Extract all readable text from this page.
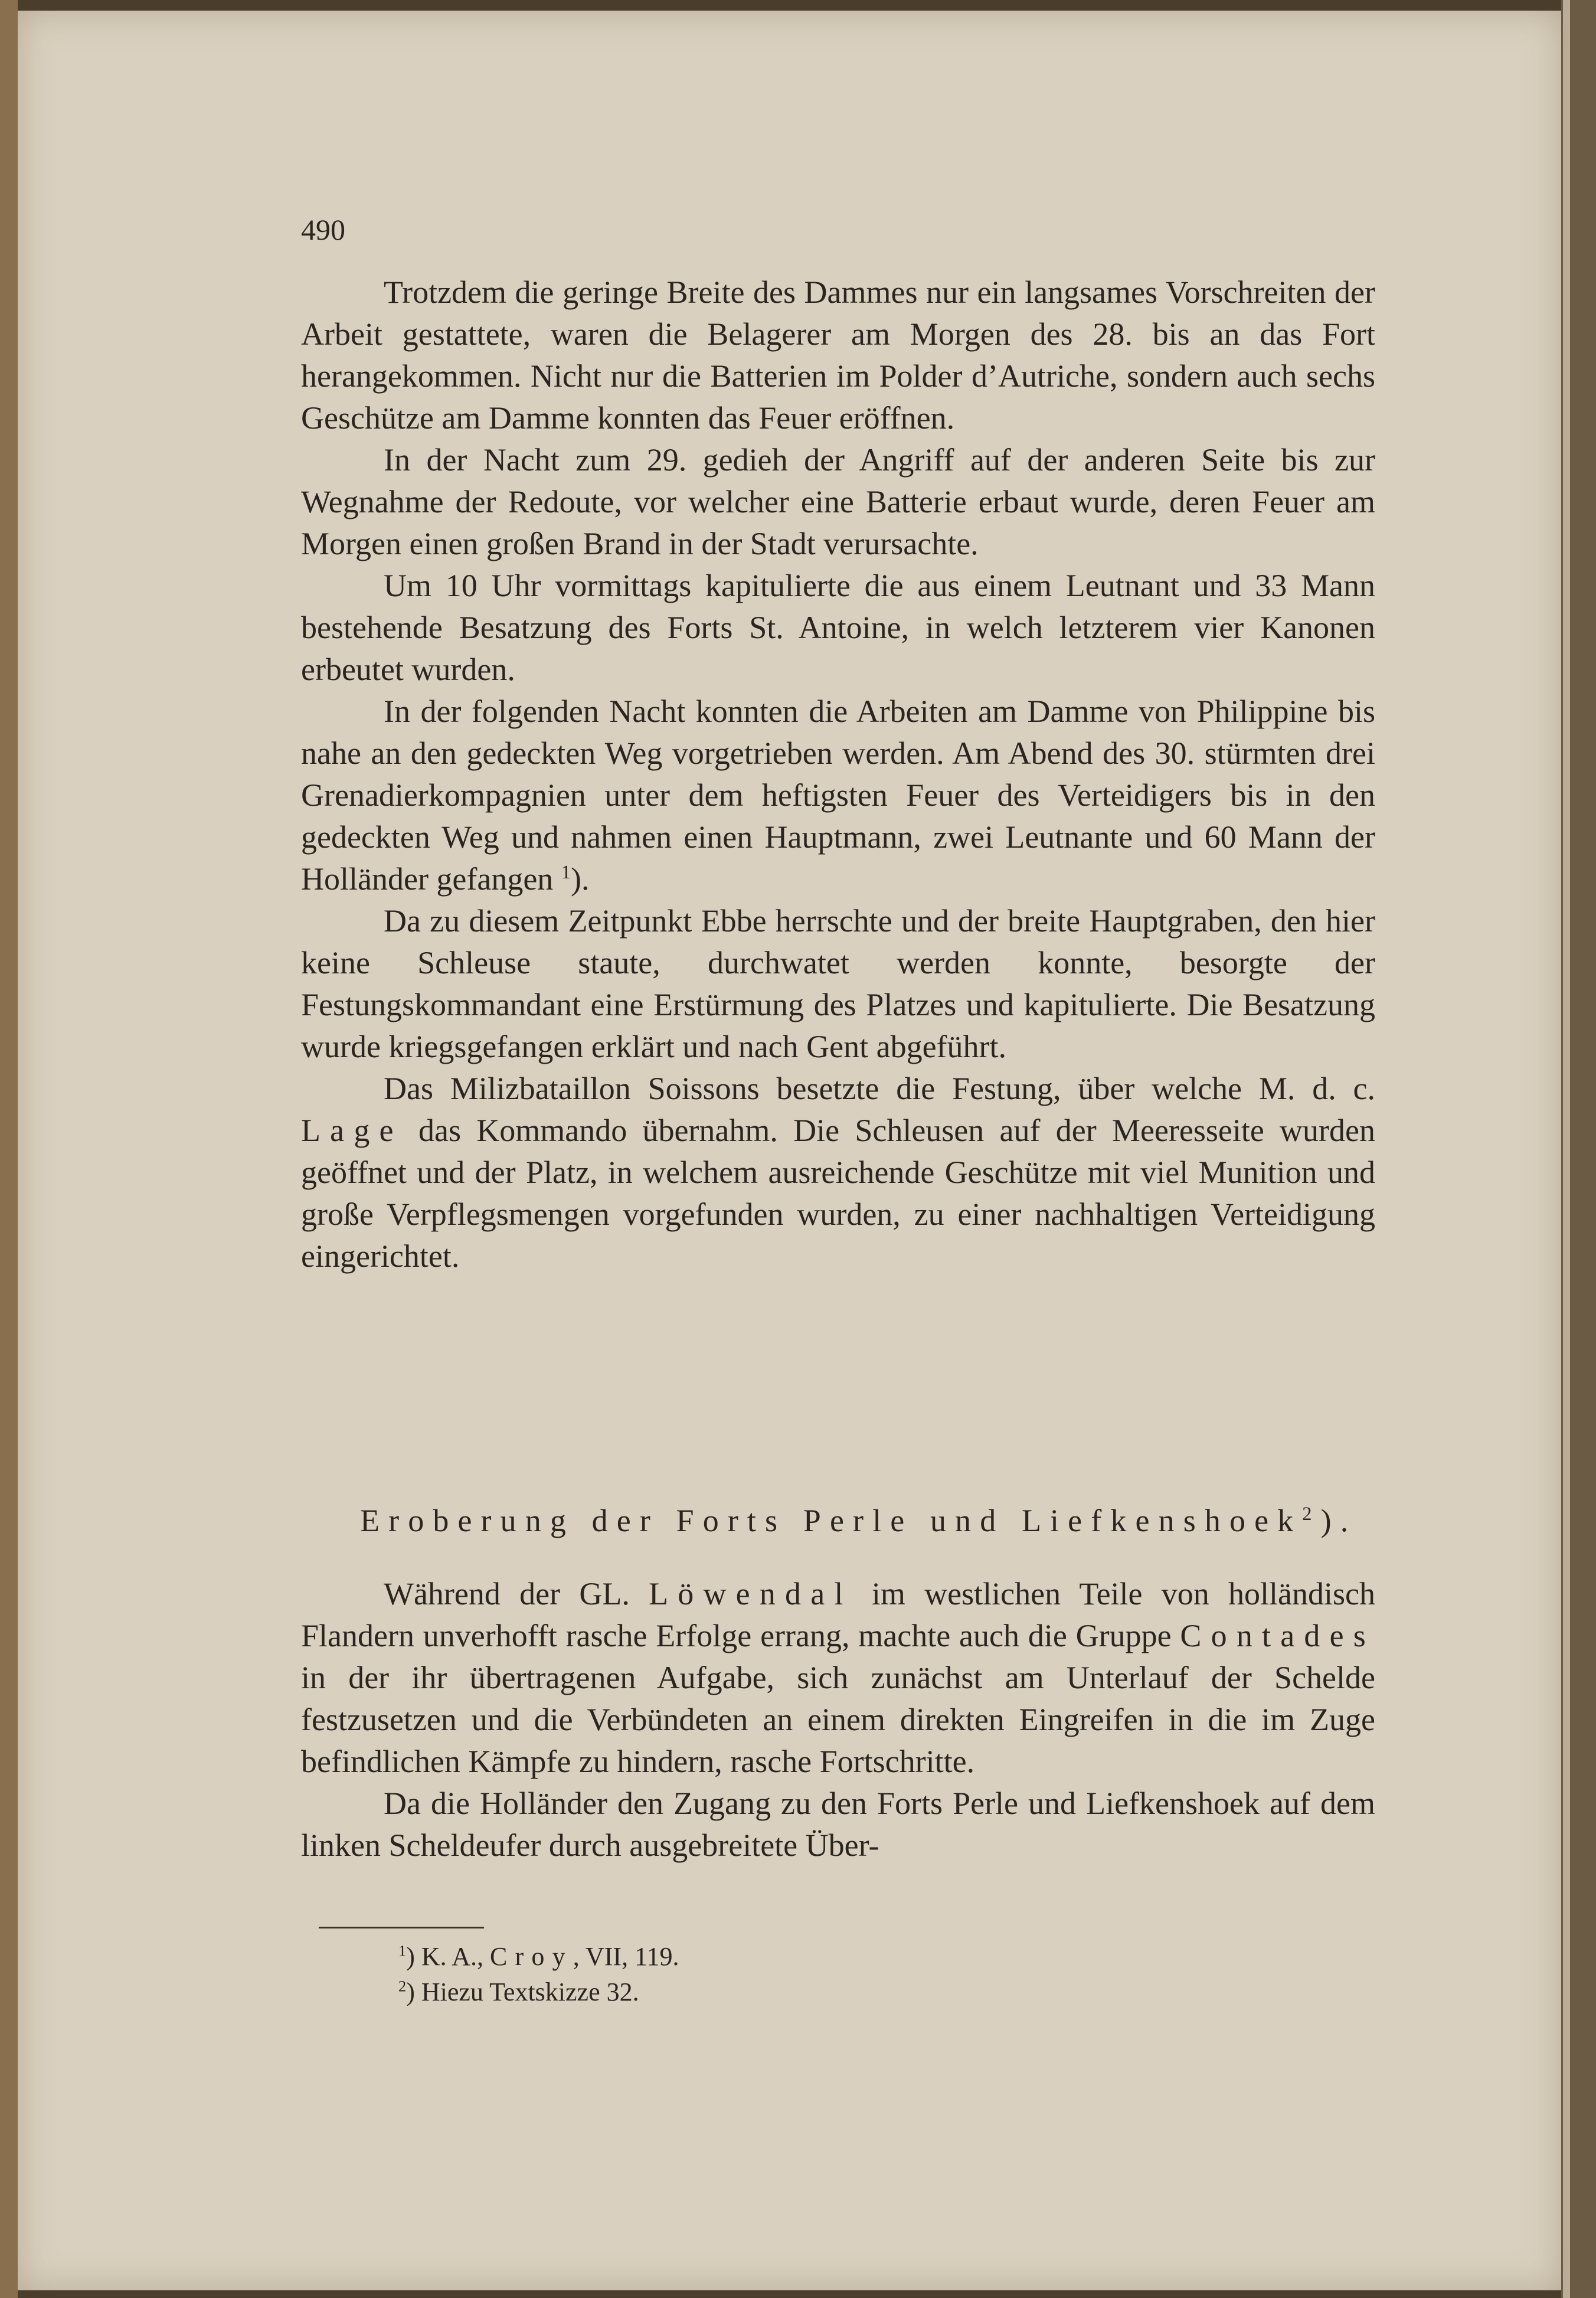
490

Trotzdem die geringe Breite des Dammes nur ein langsames Vorschreiten der Arbeit gestattete, waren die Belagerer am Morgen des 28. bis an das Fort herangekommen. Nicht nur die Batterien im Polder d’Autriche, sondern auch sechs Geschütze am Damme konnten das Feuer eröffnen.

In der Nacht zum 29. gedieh der Angriff auf der anderen Seite bis zur Wegnahme der Redoute, vor welcher eine Batterie erbaut wurde, deren Feuer am Morgen einen großen Brand in der Stadt verursachte.

Um 10 Uhr vormittags kapitulierte die aus einem Leutnant und 33 Mann bestehende Besatzung des Forts St. Antoine, in welch letzterem vier Kanonen erbeutet wurden.

In der folgenden Nacht konnten die Arbeiten am Damme von Philippine bis nahe an den gedeckten Weg vorgetrieben werden. Am Abend des 30. stürmten drei Grenadierkompagnien unter dem heftigsten Feuer des Verteidigers bis in den gedeckten Weg und nahmen einen Hauptmann, zwei Leutnante und 60 Mann der Holländer gefangen $^1$).

Da zu diesem Zeitpunkt Ebbe herrschte und der breite Hauptgraben, den hier keine Schleuse staute, durchwatet werden konnte, besorgte der Festungskommandant eine Erstürmung des Platzes und kapitulierte. Die Besatzung wurde kriegsgefangen erklärt und nach Gent abgeführt.

Das Milizbataillon Soissons besetzte die Festung, über welche M. d. c. Lage das Kommando übernahm. Die Schleusen auf der Meeresseite wurden geöffnet und der Platz, in welchem ausreichende Geschütze mit viel Munition und große Verpflegsmengen vorgefunden wurden, zu einer nachhaltigen Verteidigung eingerichtet.

Eroberung der Forts Perle und Liefkenshoek$^2$).

Während der GL. Löwendal im westlichen Teile von holländisch Flandern unverhofft rasche Erfolge errang, machte auch die Gruppe Contades in der ihr übertragenen Aufgabe, sich zunächst am Unterlauf der Schelde festzusetzen und die Verbündeten an einem direkten Eingreifen in die im Zuge befindlichen Kämpfe zu hindern, rasche Fortschritte.

Da die Holländer den Zugang zu den Forts Perle und Liefkenshoek auf dem linken Scheldeufer durch ausgebreitete Über-

$^1$) K. A., Croy, VII, 119.
$^2$) Hiezu Textskizze 32.
